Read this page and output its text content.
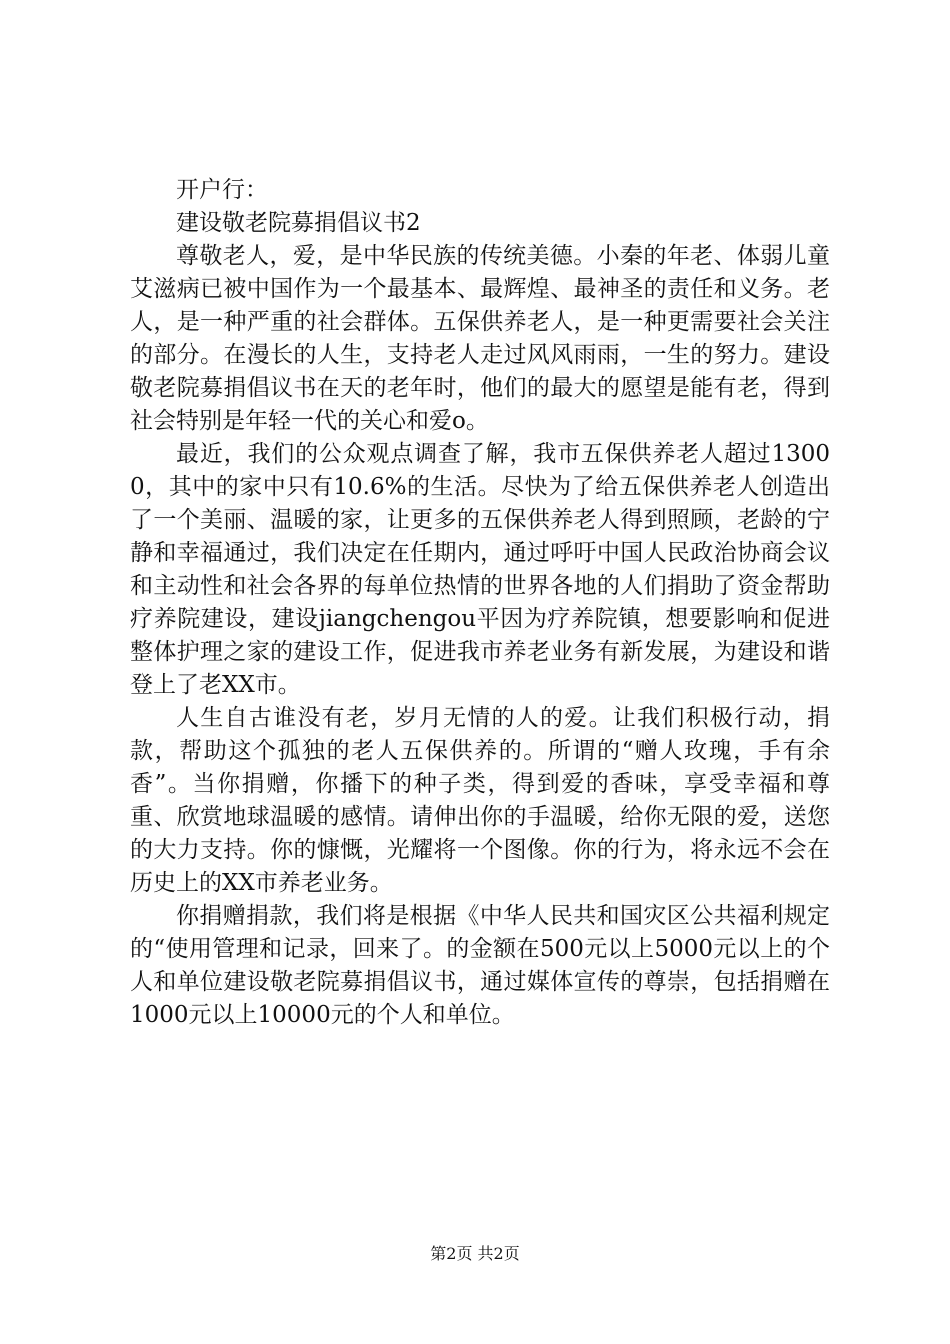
开户行：

建设敬老院募捐倡议书2

尊敬老人，爱，是中华民族的传统美德。小秦的年老、体弱儿童艾滋病已被中国作为一个最基本、最辉煌、最神圣的责任和义务。老人，是一种严重的社会群体。五保供养老人，是一种更需要社会关注的部分。在漫长的人生，支持老人走过风风雨雨，一生的努力。建设敬老院募捐倡议书在天的老年时，他们的最大的愿望是能有老，得到社会特别是年轻一代的关心和爱o。

最近，我们的公众观点调查了解，我市五保供养老人超过13000，其中的家中只有10.6%的生活。尽快为了给五保供养老人创造出了一个美丽、温暖的家，让更多的五保供养老人得到照顾，老龄的宁静和幸福通过，我们决定在任期内，通过呼吁中国人民政治协商会议和主动性和社会各界的每单位热情的世界各地的人们捐助了资金帮助疗养院建设，建设jiangchengou平因为疗养院镇，想要影响和促进整体护理之家的建设工作，促进我市养老业务有新发展，为建设和谐登上了老XX市。

人生自古谁没有老，岁月无情的人的爱。让我们积极行动，捐款，帮助这个孤独的老人五保供养的。所谓的“赠人玫瑰，手有余香”。当你捐赠，你播下的种子类，得到爱的香味，享受幸福和尊重、欣赏地球温暖的感情。请伸出你的手温暖，给你无限的爱，送您的大力支持。你的慷慨，光耀将一个图像。你的行为，将永远不会在历史上的XX市养老业务。

你捐赠捐款，我们将是根据《中华人民共和国灾区公共福利规定的“使用管理和记录，回来了。的金额在500元以上5000元以上的个人和单位建设敬老院募捐倡议书，通过媒体宣传的尊崇，包括捐赠在1000元以上10000元的个人和单位。

第2页 共2页
